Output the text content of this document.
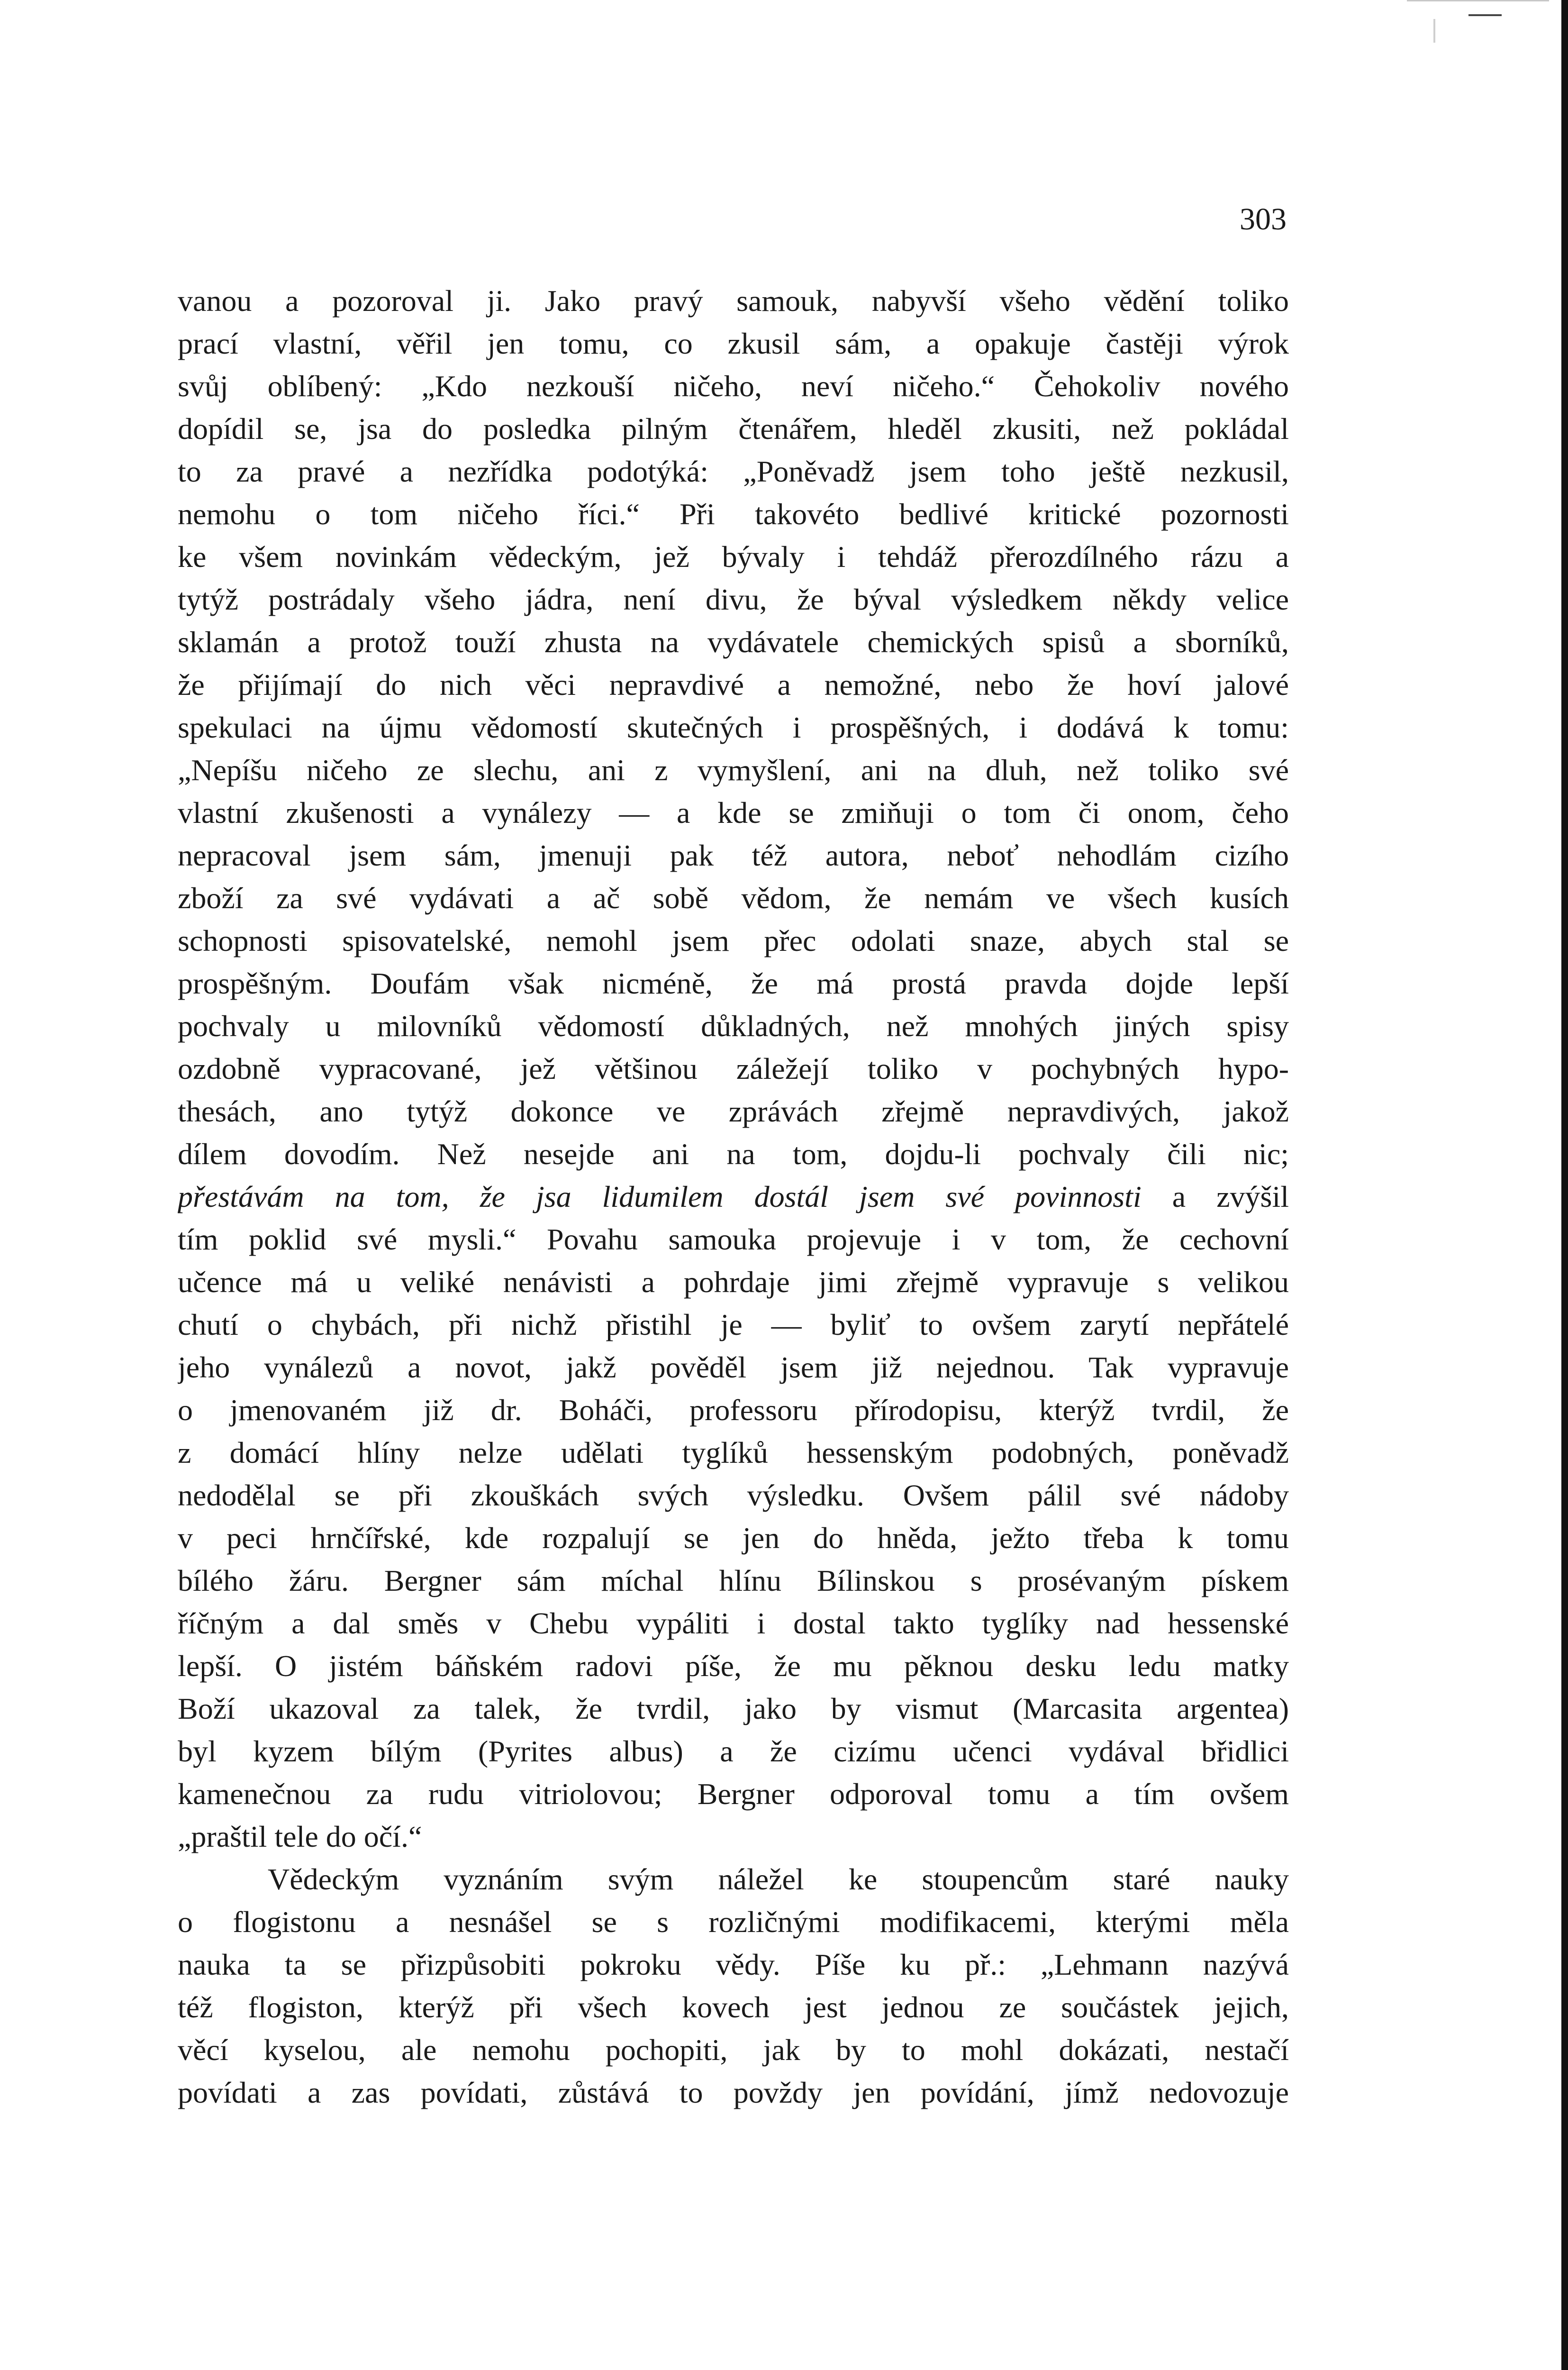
303
vanou a pozoroval ji. Jako pravý samouk, nabyvší všeho vědění toliko
prací vlastní, věřil jen tomu, co zkusil sám, a opakuje častěji výrok
svůj oblíbený: „Kdo nezkouší ničeho, neví ničeho.“ Čehokoliv nového
dopídil se, jsa do posledka pilným čtenářem, hleděl zkusiti, než pokládal
to za pravé a nezřídka podotýká: „Poněvadž jsem toho ještě nezkusil,
nemohu o tom ničeho říci.“ Při takovéto bedlivé kritické pozornosti
ke všem novinkám vědeckým, jež bývaly i tehdáž přerozdílného rázu a
tytýž postrádaly všeho jádra, není divu, že býval výsledkem někdy velice
sklamán a protož touží zhusta na vydávatele chemických spisů a sborníků,
že přijímají do nich věci nepravdivé a nemožné, nebo že hoví jalové
spekulaci na újmu vědomostí skutečných i prospěšných, i dodává k tomu:
„Nepíšu ničeho ze slechu, ani z vymyšlení, ani na dluh, než toliko své
vlastní zkušenosti a vynálezy — a kde se zmiňuji o tom či onom, čeho
nepracoval jsem sám, jmenuji pak též autora, neboť nehodlám cizího
zboží za své vydávati a ač sobě vědom, že nemám ve všech kusích
schopnosti spisovatelské, nemohl jsem přec odolati snaze, abych stal se
prospěšným. Doufám však nicméně, že má prostá pravda dojde lepší
pochvaly u milovníků vědomostí důkladných, než mnohých jiných spisy
ozdobně vypracované, jež většinou záležejí toliko v pochybných hypo-
thesách, ano tytýž dokonce ve zprávách zřejmě nepravdivých, jakož
dílem dovodím. Než nesejde ani na tom, dojdu-li pochvaly čili nic;
přestávám na tom, že jsa lidumilem dostál jsem své povinnosti a zvýšil
tím poklid své mysli.“ Povahu samouka projevuje i v tom, že cechovní
učence má u veliké nenávisti a pohrdaje jimi zřejmě vypravuje s velikou
chutí o chybách, při nichž přistihl je — byliť to ovšem zarytí nepřátelé
jeho vynálezů a novot, jakž pověděl jsem již nejednou. Tak vypravuje
o jmenovaném již dr. Boháči, professoru přírodopisu, kterýž tvrdil, že
z domácí hlíny nelze udělati tyglíků hessenským podobných, poněvadž
nedodělal se při zkouškách svých výsledku. Ovšem pálil své nádoby
v peci hrnčířské, kde rozpalují se jen do hněda, ježto třeba k tomu
bílého žáru. Bergner sám míchal hlínu Bílinskou s prosévaným pískem
říčným a dal směs v Chebu vypáliti i dostal takto tyglíky nad hessenské
lepší. O jistém báňském radovi píše, že mu pěknou desku ledu matky
Boží ukazoval za talek, že tvrdil, jako by vismut (Marcasita argentea)
byl kyzem bílým (Pyrites albus) a že cizímu učenci vydával břidlici
kamenečnou za rudu vitriolovou; Bergner odporoval tomu a tím ovšem
„praštil tele do očí.“
Vědeckým vyznáním svým náležel ke stoupencům staré nauky
o flogistonu a nesnášel se s rozličnými modifikacemi, kterými měla
nauka ta se přizpůsobiti pokroku vědy. Píše ku př.: „Lehmann nazývá
též flogiston, kterýž při všech kovech jest jednou ze součástek jejich,
věcí kyselou, ale nemohu pochopiti, jak by to mohl dokázati, nestačí
povídati a zas povídati, zůstává to povždy jen povídání, jímž nedovozuje
